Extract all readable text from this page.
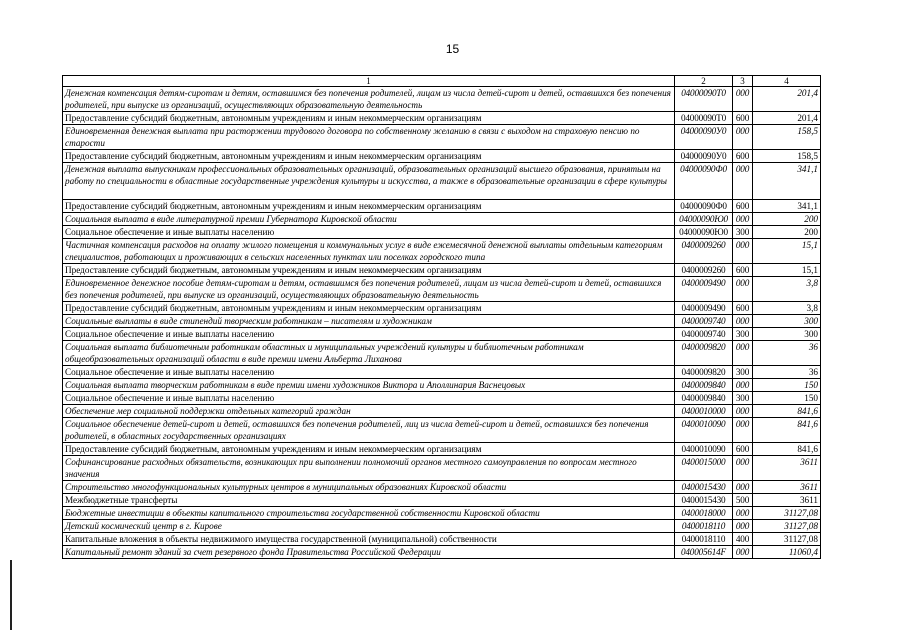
15
1	2	3	4
Денежная компенсация детям-сиротам и детям, оставшимся без попечения родителей, лицам из числа детей-сирот и детей, оставшихся без попечения родителей, при выпуске из организаций, осуществляющих образовательную деятельность	04000090T0	000	201,4
Предоставление субсидий бюджетным, автономным учреждениям и иным некоммерческим организациям	04000090T0	600	201,4
Единовременная денежная выплата при расторжении трудового договора по собственному желанию в связи с выходом на страховую пенсию по старости	04000090У0	000	158,5
Предоставление субсидий бюджетным, автономным учреждениям и иным некоммерческим организациям	04000090У0	600	158,5
Денежная выплата выпускникам профессиональных образовательных организаций, образовательных организаций высшего образования, принятым на работу по специальности в областные государственные учреждения культуры и искусства, а также в образовательные организации в сфере культуры	04000090Ф0	000	341,1
Предоставление субсидий бюджетным, автономным учреждениям и иным некоммерческим организациям	04000090Ф0	600	341,1
Социальная выплата в виде литературной премии Губернатора Кировской области	04000090Ю0	000	200
Социальное обеспечение и иные выплаты населению	04000090Ю0	300	200
Частичная компенсация расходов на оплату жилого помещения и коммунальных услуг в виде ежемесячной денежной выплаты отдельным категориям специалистов, работающих и проживающих в сельских населенных пунктах или поселках городского типа	0400009260	000	15,1
Предоставление субсидий бюджетным, автономным учреждениям и иным некоммерческим организациям	0400009260	600	15,1
Единовременное денежное пособие детям-сиротам и детям, оставшимся без попечения родителей, лицам из числа детей-сирот и детей, оставшихся без попечения родителей, при выпуске из организаций, осуществляющих образовательную деятельность	0400009490	000	3,8
Предоставление субсидий бюджетным, автономным учреждениям и иным некоммерческим организациям	0400009490	600	3,8
Социальные выплаты в виде стипендий творческим работникам – писателям и художникам	0400009740	000	300
Социальное обеспечение и иные выплаты населению	0400009740	300	300
Социальная выплата библиотечным работникам областных и муниципальных учреждений культуры и библиотечным работникам общеобразовательных организаций области в виде премии имени Альберта Лиханова	0400009820	000	36
Социальное обеспечение и иные выплаты населению	0400009820	300	36
Социальная выплата творческим работникам в виде премии имени художников Виктора и Аполлинария Васнецовых	0400009840	000	150
Социальное обеспечение и иные выплаты населению	0400009840	300	150
Обеспечение мер социальной поддержки отдельных категорий граждан	0400010000	000	841,6
Социальное обеспечение детей-сирот и детей, оставшихся без попечения родителей, лиц из числа детей-сирот и детей, оставшихся без попечения родителей, в областных государственных организациях	0400010090	000	841,6
Предоставление субсидий бюджетным, автономным учреждениям и иным некоммерческим организациям	0400010090	600	841,6
Софинансирование расходных обязательств, возникающих при выполнении полномочий органов местного самоуправления по вопросам местного значения	0400015000	000	3611
Строительство многофункциональных культурных центров в муниципальных образованиях Кировской области	0400015430	000	3611
Межбюджетные трансферты	0400015430	500	3611
Бюджетные инвестиции в объекты капитального строительства государственной собственности Кировской области	0400018000	000	31127,08
Детский космический центр в г. Кирове	0400018110	000	31127,08
Капитальные вложения в объекты недвижимого имущества государственной (муниципальной) собственности	0400018110	400	31127,08
Капитальный ремонт зданий за счет резервного фонда Правительства Российской Федерации	040005614F	000	11060,4
